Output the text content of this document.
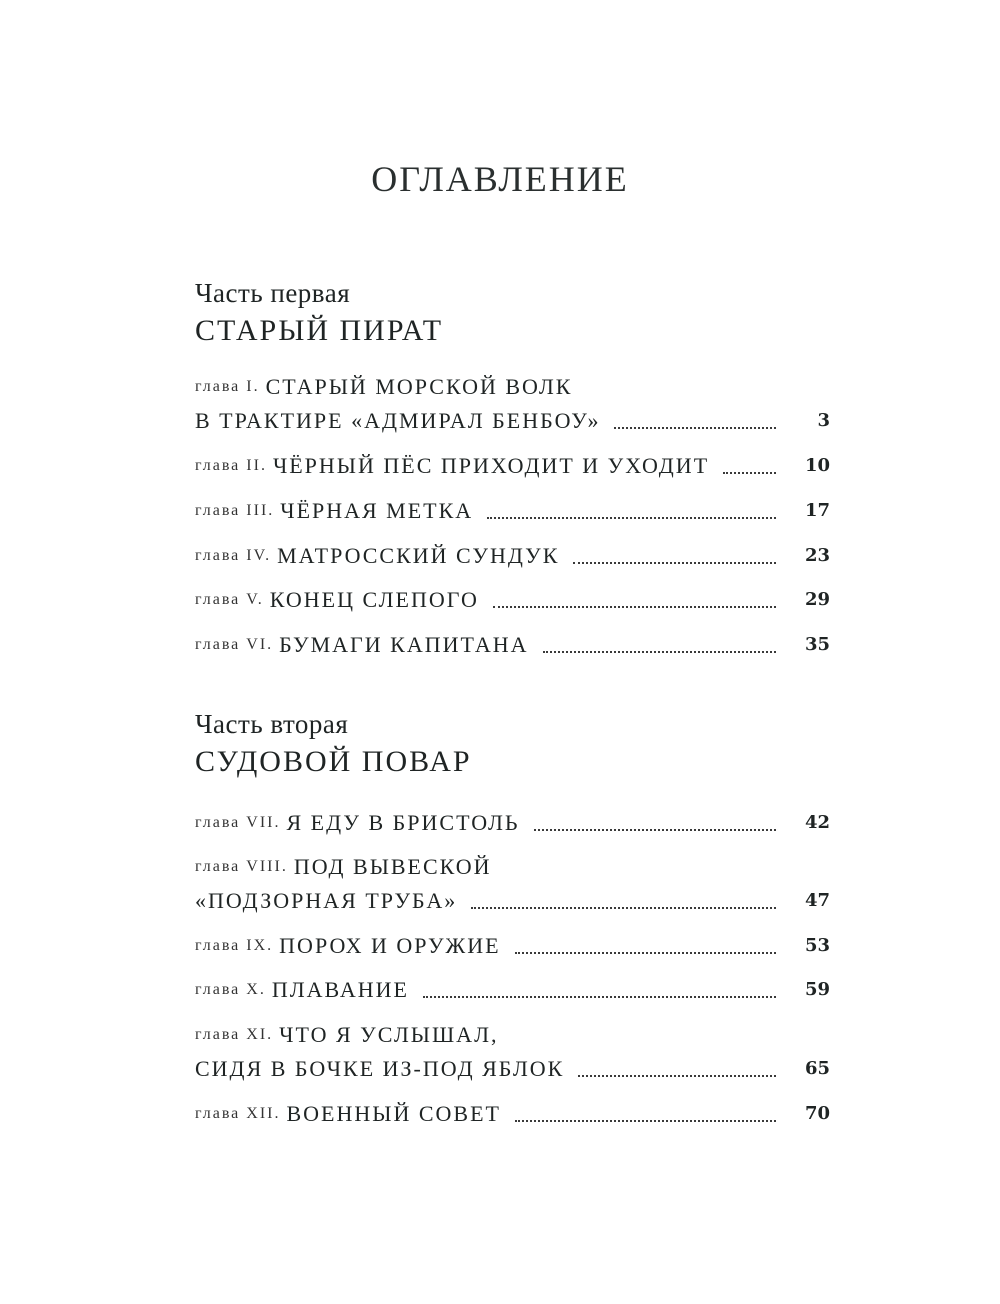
ОГЛАВЛЕНИЕ
Часть первая
СТАРЫЙ ПИРАТ
глава I. СТАРЫЙ МОРСКОЙ ВОЛК
В ТРАКТИРЕ «АДМИРАЛ БЕНБОУ»	3
глава II. ЧЁРНЫЙ ПЁС ПРИХОДИТ И УХОДИТ	10
глава III. ЧЁРНАЯ МЕТКА	17
глава IV. МАТРОССКИЙ СУНДУК	23
глава V. КОНЕЦ СЛЕПОГО	29
глава VI. БУМАГИ КАПИТАНА	35
Часть вторая
СУДОВОЙ ПОВАР
глава VII. Я ЕДУ В БРИСТОЛЬ	42
глава VIII. ПОД ВЫВЕСКОЙ
«ПОДЗОРНАЯ ТРУБА»	47
глава IX. ПОРОХ И ОРУЖИЕ	53
глава X. ПЛАВАНИЕ	59
глава XI. ЧТО Я УСЛЫШАЛ,
СИДЯ В БОЧКЕ ИЗ-ПОД ЯБЛОК	65
глава XII. ВОЕННЫЙ СОВЕТ	70
